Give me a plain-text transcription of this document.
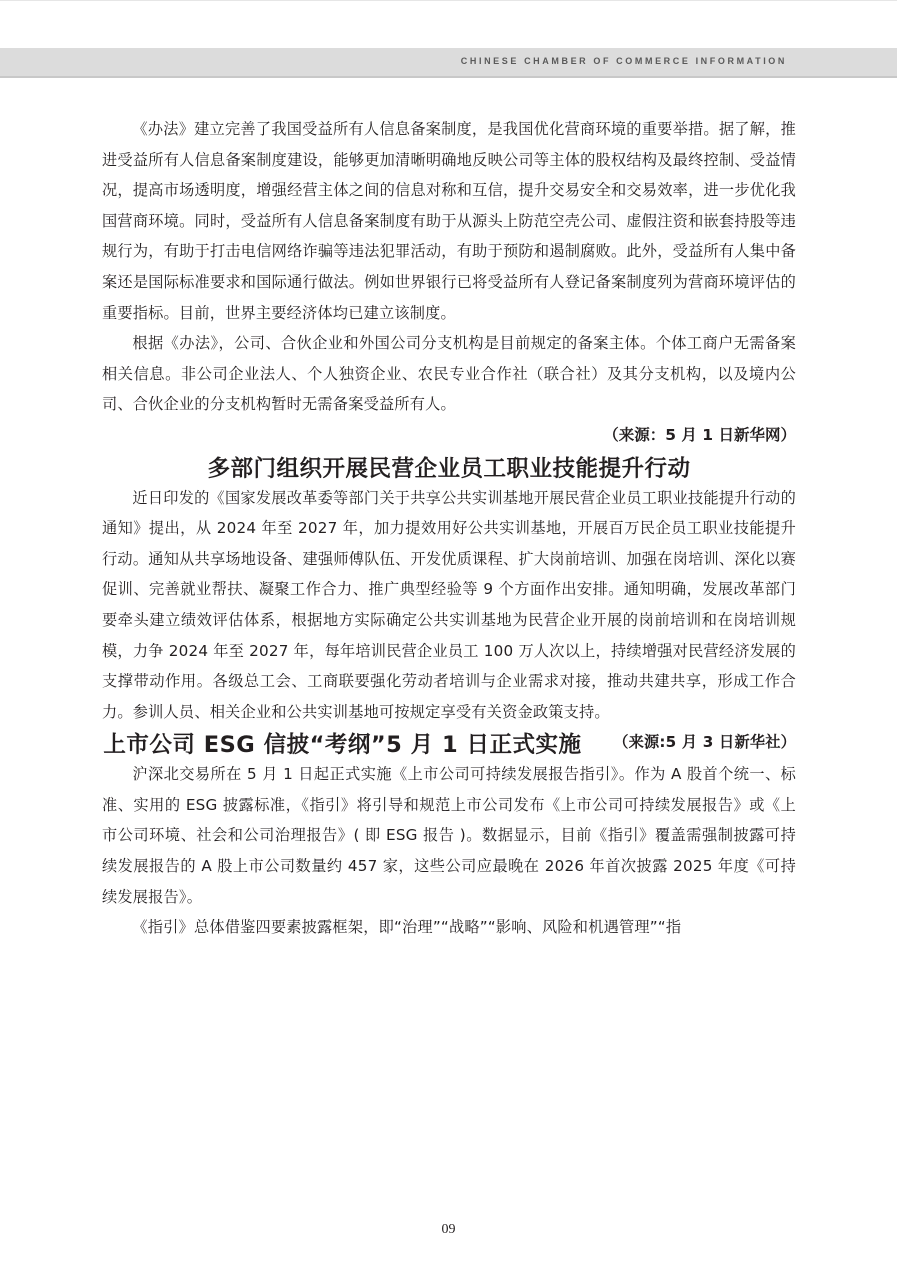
CHINESE CHAMBER OF COMMERCE INFORMATION

《办法》建立完善了我国受益所有人信息备案制度，是我国优化营商环境的重要举措。据了解，推进受益所有人信息备案制度建设，能够更加清晰明确地反映公司等主体的股权结构及最终控制、受益情况，提高市场透明度，增强经营主体之间的信息对称和互信，提升交易安全和交易效率，进一步优化我国营商环境。同时，受益所有人信息备案制度有助于从源头上防范空壳公司、虚假注资和嵌套持股等违规行为，有助于打击电信网络诈骗等违法犯罪活动，有助于预防和遏制腐败。此外，受益所有人集中备案还是国际标准要求和国际通行做法。例如世界银行已将受益所有人登记备案制度列为营商环境评估的重要指标。目前，世界主要经济体均已建立该制度。

根据《办法》，公司、合伙企业和外国公司分支机构是目前规定的备案主体。个体工商户无需备案相关信息。非公司企业法人、个人独资企业、农民专业合作社（联合社）及其分支机构，以及境内公司、合伙企业的分支机构暂时无需备案受益所有人。

（来源：5 月 1 日新华网）
多部门组织开展民营企业员工职业技能提升行动

近日印发的《国家发展改革委等部门关于共享公共实训基地开展民营企业员工职业技能提升行动的通知》提出，从 2024 年至 2027 年，加力提效用好公共实训基地，开展百万民企员工职业技能提升行动。通知从共享场地设备、建强师傅队伍、开发优质课程、扩大岗前培训、加强在岗培训、深化以赛促训、完善就业帮扶、凝聚工作合力、推广典型经验等 9 个方面作出安排。通知明确，发展改革部门要牵头建立绩效评估体系，根据地方实际确定公共实训基地为民营企业开展的岗前培训和在岗培训规模，力争 2024 年至 2027 年，每年培训民营企业员工 100 万人次以上，持续增强对民营经济发展的支撑带动作用。各级总工会、工商联要强化劳动者培训与企业需求对接，推动共建共享，形成工作合力。参训人员、相关企业和公共实训基地可按规定享受有关资金政策支持。
（来源:5 月 3 日新华社）

上市公司 ESG 信披“考纲”5 月 1 日正式实施

沪深北交易所在 5 月 1 日起正式实施《上市公司可持续发展报告指引》。作为 A 股首个统一、标准、实用的 ESG 披露标准，《指引》将引导和规范上市公司发布《上市公司可持续发展报告》或《上市公司环境、社会和公司治理报告》( 即 ESG 报告 )。数据显示，目前《指引》覆盖需强制披露可持续发展报告的 A 股上市公司数量约 457 家，这些公司应最晚在 2026 年首次披露 2025 年度《可持续发展报告》。

《指引》总体借鉴四要素披露框架，即“治理”“战略”“影响、风险和机遇管理”“指

09
